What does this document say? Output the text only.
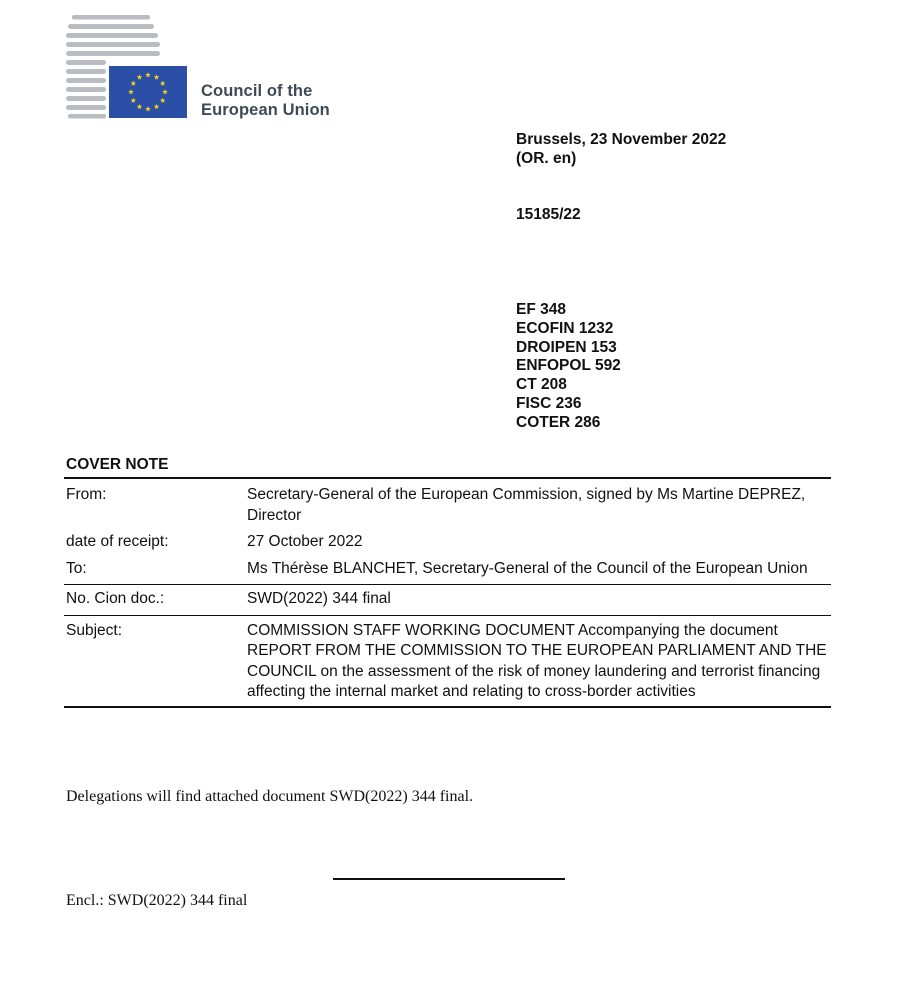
Council of the
European Union
Brussels, 23 November 2022
(OR. en)
15185/22
EF 348
ECOFIN 1232
DROIPEN 153
ENFOPOL 592
CT 208
FISC 236
COTER 286
COVER NOTE
From:	Secretary-General of the European Commission, signed by Ms Martine DEPREZ, Director
date of receipt:	27 October 2022
To:	Ms Thérèse BLANCHET, Secretary-General of the Council of the European Union
No. Cion doc.:	SWD(2022) 344 final
Subject:	COMMISSION STAFF WORKING DOCUMENT Accompanying the document REPORT FROM THE COMMISSION TO THE EUROPEAN PARLIAMENT AND THE COUNCIL on the assessment of the risk of money laundering and terrorist financing affecting the internal market and relating to cross-border activities
Delegations will find attached document SWD(2022) 344 final.
Encl.: SWD(2022) 344 final
